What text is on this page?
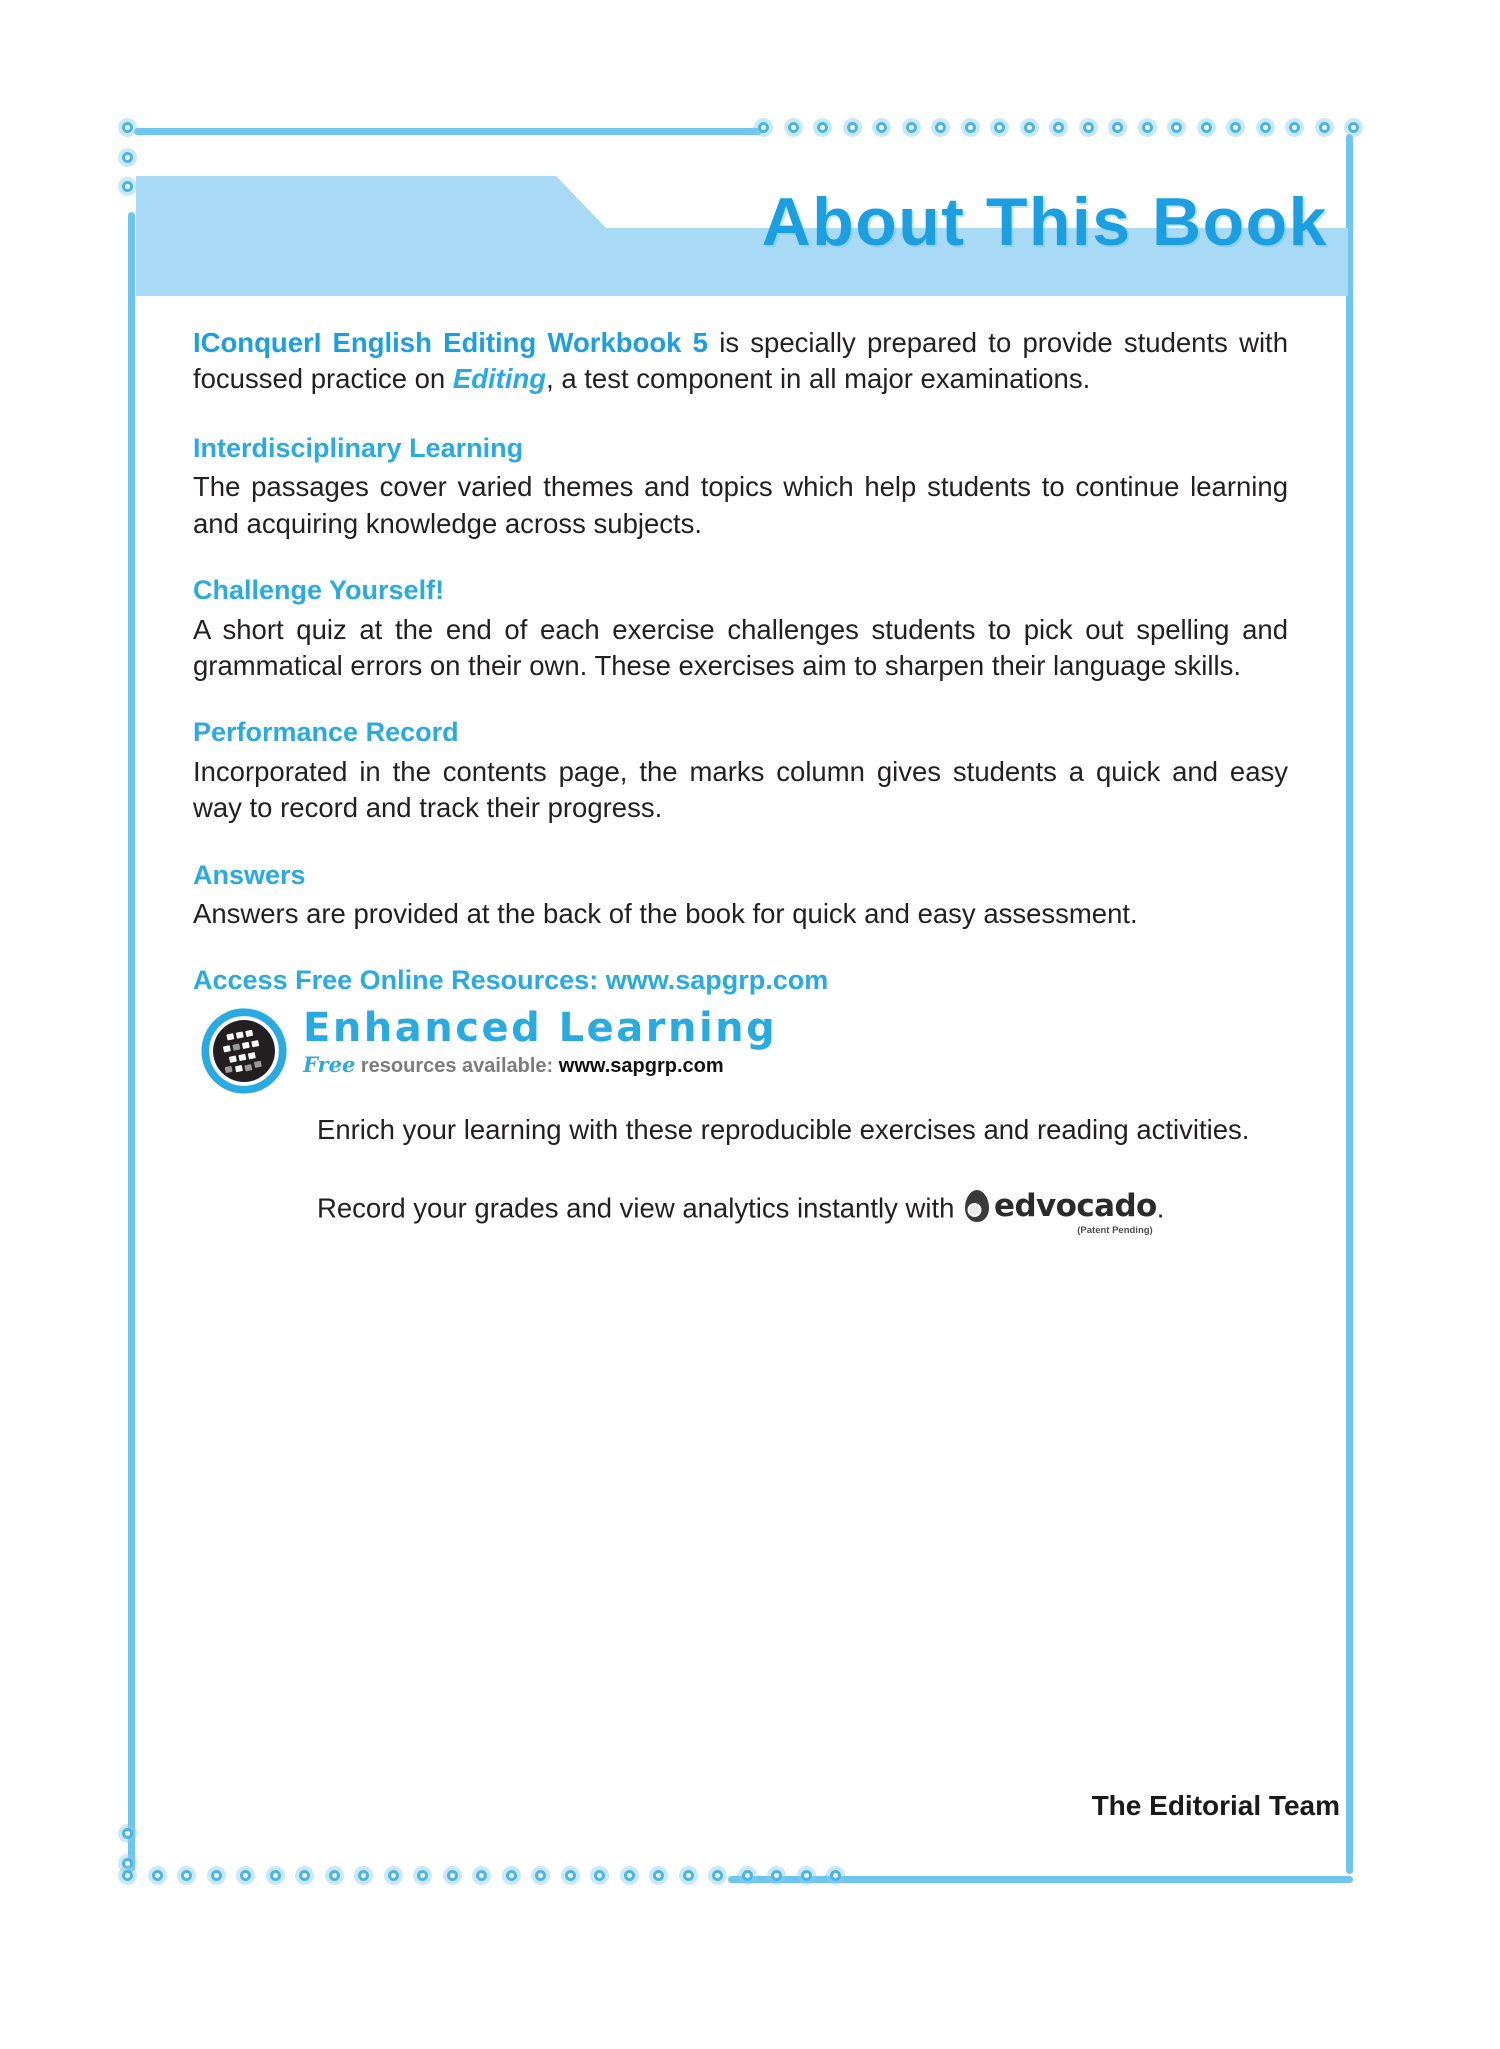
About This Book

IConquerI English Editing Workbook 5 is specially prepared to provide students with focussed practice on Editing, a test component in all major examinations.

Interdisciplinary Learning

The passages cover varied themes and topics which help students to continue learning and acquiring knowledge across subjects.

Challenge Yourself!

A short quiz at the end of each exercise challenges students to pick out spelling and grammatical errors on their own. These exercises aim to sharpen their language skills.

Performance Record

Incorporated in the contents page, the marks column gives students a quick and easy way to record and track their progress.

Answers

Answers are provided at the back of the book for quick and easy assessment.

Access Free Online Resources: www.sapgrp.com
Enhanced Learning
Free resources available: www.sapgrp.com

Enrich your learning with these reproducible exercises and reading activities.

Record your grades and view analytics instantly with edvocado
(Patent Pending)
.

The Editorial Team
